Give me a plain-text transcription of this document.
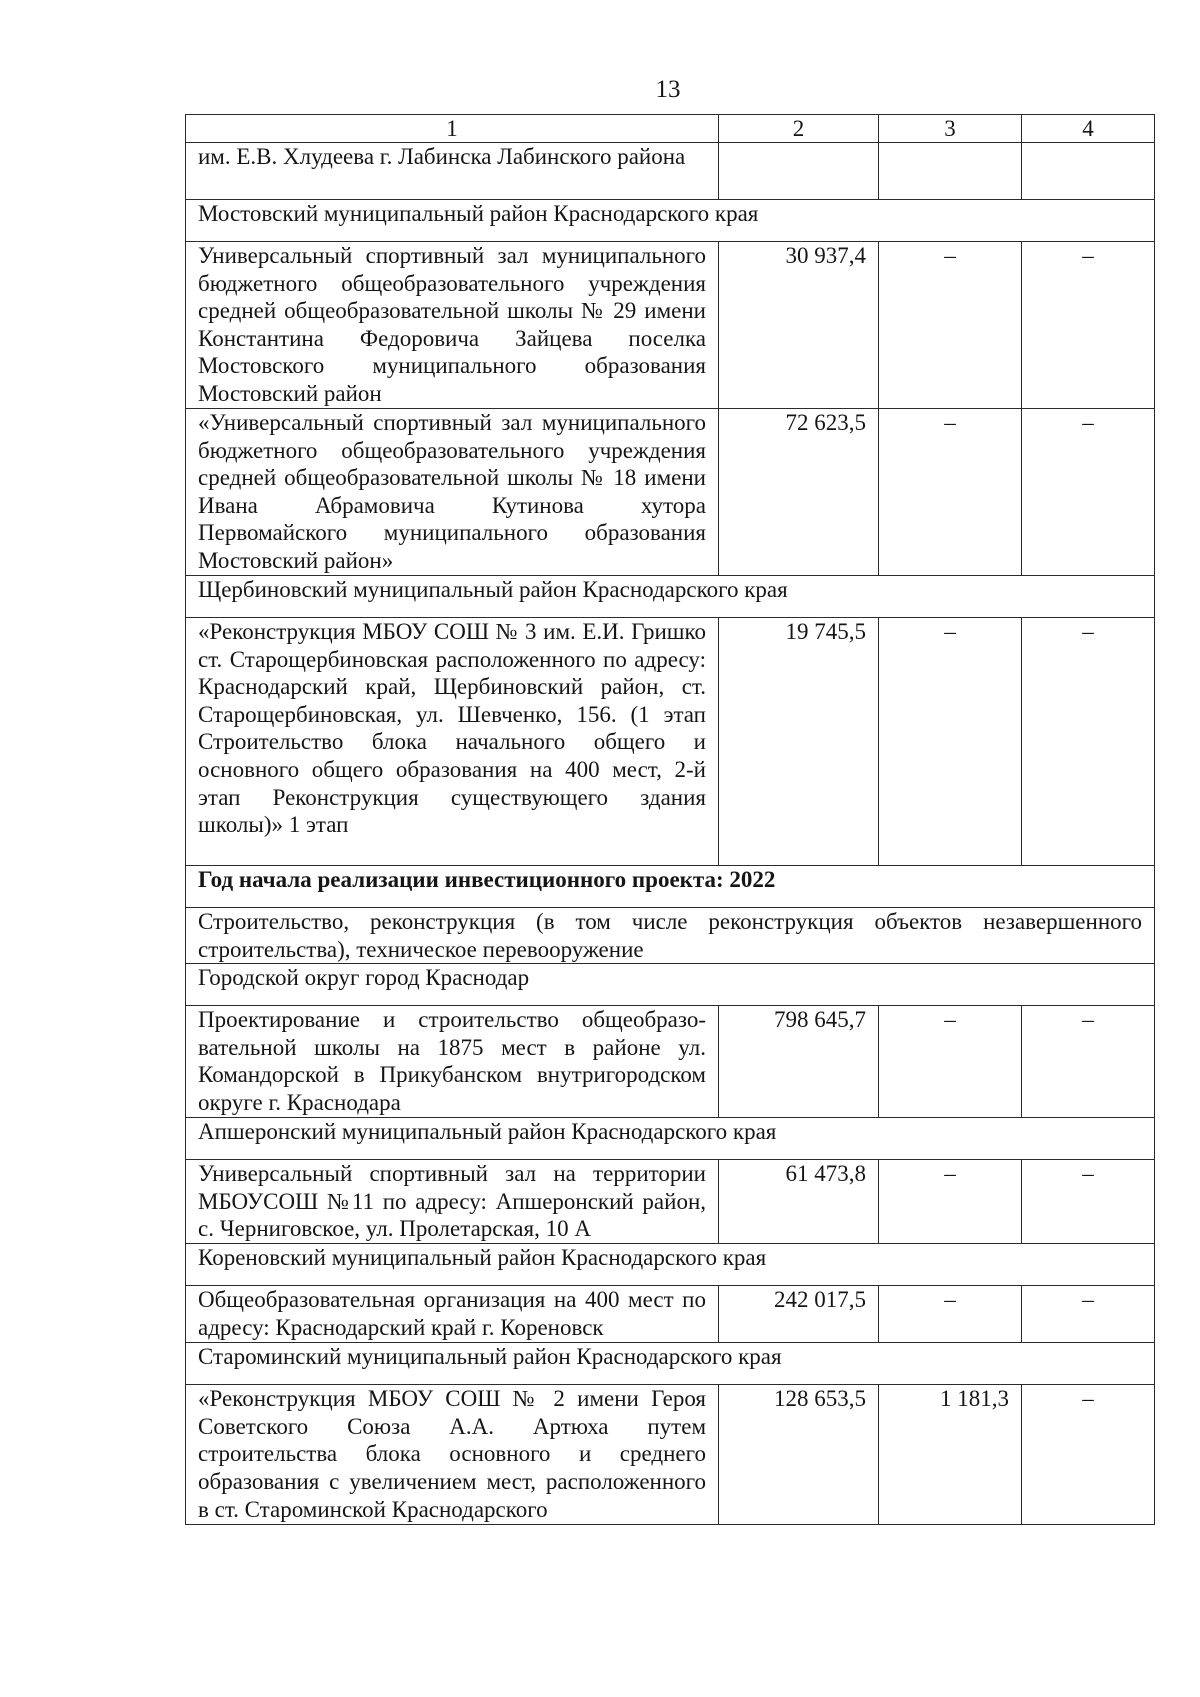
13
1	2	3	4
им. Е.В. Хлудеева г. Лабинска Лабинского района			
Мостовский муниципальный район Краснодарского края			
Универсальный спортивный зал муниципального бюджетного общеобразовательного учреждения средней общеобразовательной школы № 29 имени Константина Федоровича Зайцева поселка Мостовского муниципального образования Мостовский район	30 937,4	–	–
«Универсальный спортивный зал муниципального бюджетного общеобразовательного учреждения средней общеобразовательной школы № 18 имени Ивана Абрамовича Кутинова хутора Первомайского муниципального образования Мостовский район»	72 623,5	–	–
Щербиновский муниципальный район Краснодарского края			
«Реконструкция МБОУ СОШ № 3 им. Е.И. Гришко ст. Старощербиновская расположенного по адресу: Краснодарский край, Щербиновский район, ст. Старощербиновская, ул. Шевченко, 156. (1 этап Строительство блока начального общего и основного общего образования на 400 мест, 2-й этап Реконструкция существующего здания школы)» 1 этап	19 745,5	–	–
Год начала реализации инвестиционного проекта: 2022			
Строительство, реконструкция (в том числе реконструкция объектов незавершенного строительства), техническое перевооружение			
Городской округ город Краснодар			
Проектирование и строительство общеобразовательной школы на 1875 мест в районе ул. Командорской в Прикубанском внутригородском округе г. Краснодара	798 645,7	–	–
Апшеронский муниципальный район Краснодарского края			
Универсальный спортивный зал на территории МБОУСОШ №11 по адресу: Апшеронский район, с. Черниговское, ул. Пролетарская, 10 А	61 473,8	–	–
Кореновский муниципальный район Краснодарского края			
Общеобразовательная организация на 400 мест по адресу: Краснодарский край г. Кореновск	242 017,5	–	–
Староминский муниципальный район Краснодарского края			
«Реконструкция МБОУ СОШ № 2 имени Героя Советского Союза А.А. Артюха путем строительства блока основного и среднего образования с увеличением мест, расположенного в ст. Староминской Краснодарского	128 653,5	1 181,3	–
